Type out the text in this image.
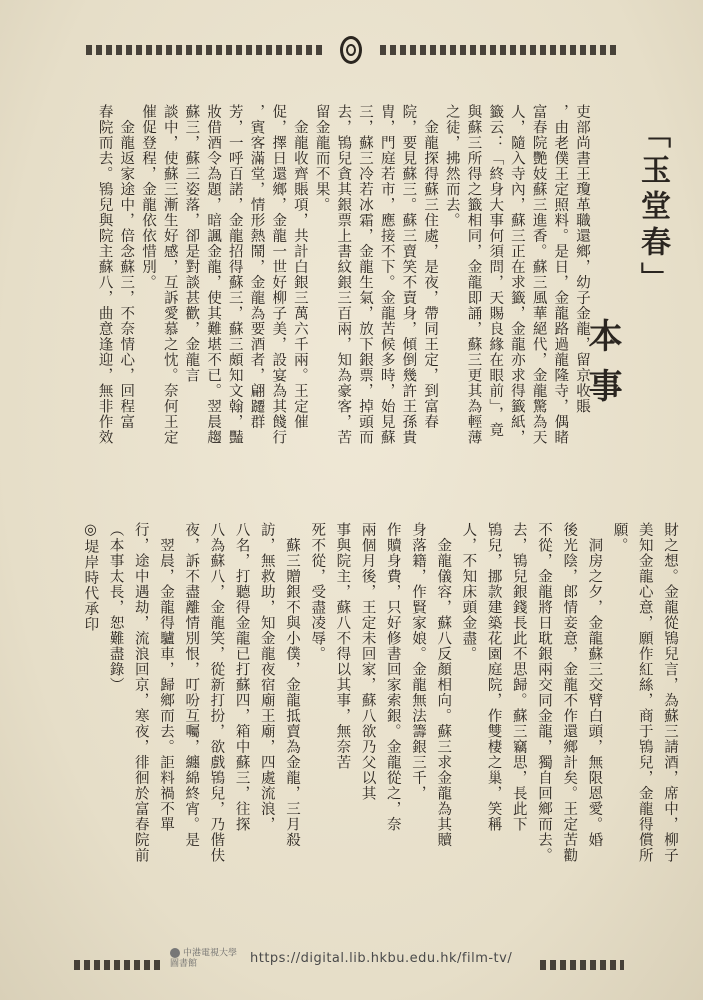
「玉堂春」
本事
吏部尚書王瓊革職還鄉，幼子金龍，留京收賬
，由老僕王定照料。是日，金龍路過龍隆寺，偶睹
富春院艷妓蘇三進香。蘇三風華絕代，金龍驚為天
人，隨入寺內，蘇三正在求籤，金龍亦求得籤紙，
籤云：「終身大事何須問，天賜良緣在眼前」，竟
與蘇三所得之籤相同，金龍即誦，蘇三更其為輕薄
之徒，拂然而去。
　金龍探得蘇三住處，是夜，帶同王定，到富春
院，要見蘇三。蘇三賣笑不賣身，傾倒幾許王孫貴
胄，門庭若市，應接不下。金龍苦候多時，始見蘇
三，蘇三冷若冰霜，金龍生氣，放下銀票，掉頭而
去，鴇兒貪其銀票上書紋銀三百兩，知為豪客，苦
留金龍而不果。
　金龍收齊賬項，共計白銀三萬六千兩。王定催
促，擇日還鄉，金龍一世好柳子美，設宴為其餞行
，賓客滿堂，情形熱鬧，金龍為要酒者，翩躚群
芳，一呼百諾，金龍招得蘇三，蘇三頗知文翰，豔
妝借酒令為題，暗諷金龍，使其難堪不已。翌晨趨
蘇三，蘇三姿落，卻是對談甚歡，金龍言
談中，使蘇三漸生好感，互訴愛慕之忱。奈何王定
催促登程，金龍依依惜別。
　金龍返家途中，倍念蘇三，不奈情心，回程富
春院而去。鴇兒與院主蘇八，曲意逢迎，無非作效
財之想。金龍從鴇兒言，為蘇三請酒，席中，柳子
美知金龍心意，願作紅絲，商于鴇兒，金龍得償所
願。
　洞房之夕，金龍蘇三交臂白頭，無限恩愛。婚
後光陰，郎情妾意，金龍不作還鄉計矣。王定苦勸
不從，金龍將日耽銀兩交同金龍，獨自回鄉而去。
去，鴇兒銀錢長此不思歸。蘇三竊思，長此下
鴇兒，挪款建築花園庭院，作雙棲之巢，笑稱
人，不知床頭金盡。
　金龍儀容，蘇八反顏相向。蘇三求金龍為其贖
身落籍，作賢家娘。金龍無法籌銀三千，
作贖身費，只好修書回家索銀。金龍從之，奈
兩個月後，王定未回家，蘇八欲乃父以其
事與院主，蘇八不得以其事，無奈苦
死不從，受盡凌辱。
　蘇三贈銀不與小僕，金龍抵賣為金龍，三月殺
訪，無救助，知金龍夜宿廟王廟，四處流浪，
八名，打聽得金龍已打蘇四，箱中蘇三，往探
八為蘇八，金龍笑，從新打扮，欲戲鴇兒，乃偕伕
夜，訴不盡離情別恨，叮吩互囑，纏綿終宵。是
　翌晨，金龍得驢車，歸鄉而去。詎料禍不單
行，途中遇劫，流浪回京，寒夜，徘徊於富春院前
（本事太長，恕難盡錄）
◎堤岸時代承印
中港電視大學圖書館	https://digital.lib.hkbu.edu.hk/film-tv/
